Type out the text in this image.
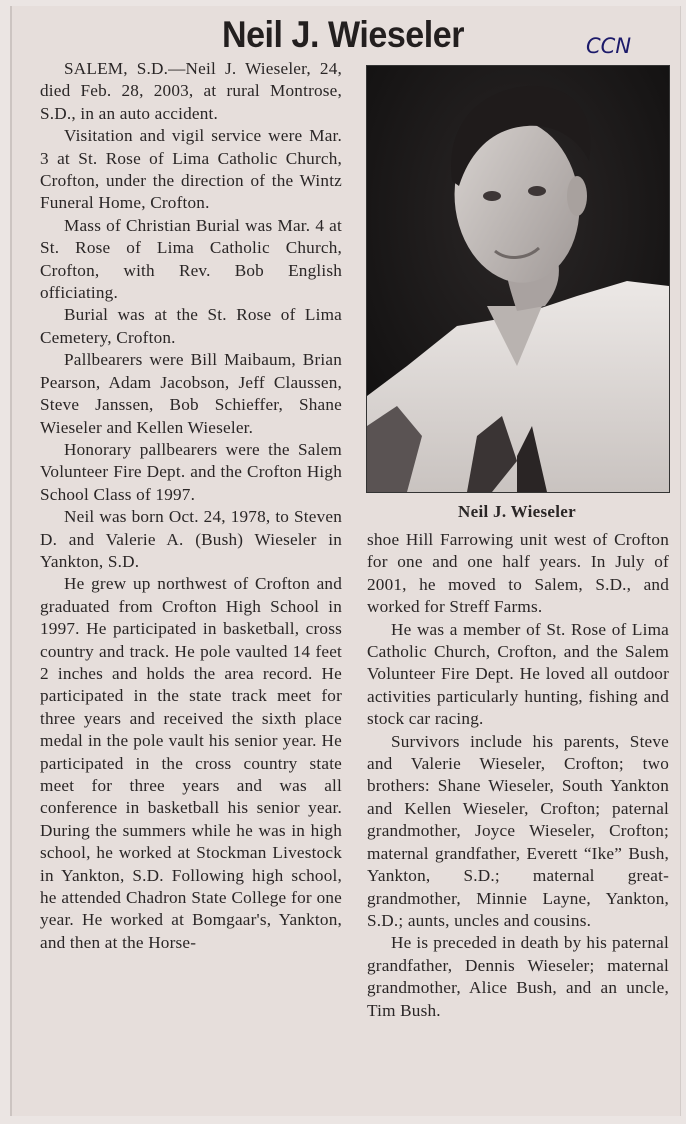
Neil J. Wieseler	CCN

SALEM, S.D.—Neil J. Wieseler, 24, died Feb. 28, 2003, at rural Montrose, S.D., in an auto accident.

Visitation and vigil service were Mar. 3 at St. Rose of Lima Catholic Church, Crofton, under the direction of the Wintz Funeral Home, Crofton.

Mass of Christian Burial was Mar. 4 at St. Rose of Lima Catholic Church, Crofton, with Rev. Bob English officiating.

Burial was at the St. Rose of Lima Cemetery, Crofton.

Pallbearers were Bill Maibaum, Brian Pearson, Adam Jacobson, Jeff Claussen, Steve Janssen, Bob Schieffer, Shane Wieseler and Kellen Wieseler.

Honorary pallbearers were the Salem Volunteer Fire Dept. and the Crofton High School Class of 1997.

Neil was born Oct. 24, 1978, to Steven D. and Valerie A. (Bush) Wieseler in Yankton, S.D.

He grew up northwest of Crofton and graduated from Crofton High School in 1997. He participated in basketball, cross country and track. He pole vaulted 14 feet 2 inches and holds the area record. He participated in the state track meet for three years and received the sixth place medal in the pole vault his senior year. He participated in the cross country state meet for three years and was all conference in basketball his senior year. During the summers while he was in high school, he worked at Stockman Livestock in Yankton, S.D. Following high school, he attended Chadron State College for one year. He worked at Bomgaar's, Yankton, and then at the Horse-

Neil J. Wieseler

shoe Hill Farrowing unit west of Crofton for one and one half years. In July of 2001, he moved to Salem, S.D., and worked for Streff Farms.

He was a member of St. Rose of Lima Catholic Church, Crofton, and the Salem Volunteer Fire Dept. He loved all outdoor activities particularly hunting, fishing and stock car racing.

Survivors include his parents, Steve and Valerie Wieseler, Crofton; two brothers: Shane Wieseler, South Yankton and Kellen Wieseler, Crofton; paternal grandmother, Joyce Wieseler, Crofton; maternal grandfather, Everett “Ike” Bush, Yankton, S.D.; maternal great-grandmother, Minnie Layne, Yankton, S.D.; aunts, uncles and cousins.

He is preceded in death by his paternal grandfather, Dennis Wieseler; maternal grandmother, Alice Bush, and an uncle, Tim Bush.
